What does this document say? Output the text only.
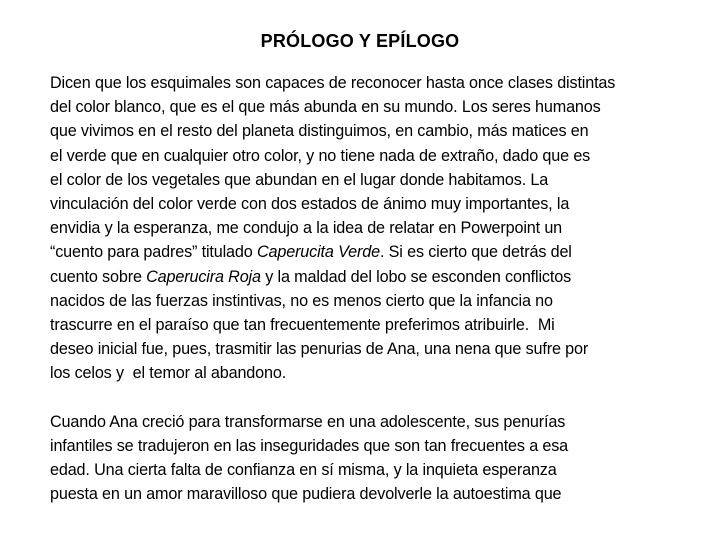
PRÓLOGO Y EPÍLOGO

Dicen que los esquimales son capaces de reconocer hasta once clases distintas
del color blanco, que es el que más abunda en su mundo. Los seres humanos
que vivimos en el resto del planeta distinguimos, en cambio, más matices en
el verde que en cualquier otro color, y no tiene nada de extraño, dado que es
el color de los vegetales que abundan en el lugar donde habitamos. La
vinculación del color verde con dos estados de ánimo muy importantes, la
envidia y la esperanza, me condujo a la idea de relatar en Powerpoint un
“cuento para padres” titulado Caperucita Verde. Si es cierto que detrás del
cuento sobre Caperucira Roja y la maldad del lobo se esconden conflictos
nacidos de las fuerzas instintivas, no es menos cierto que la infancia no
trascurre en el paraíso que tan frecuentemente preferimos atribuirle.  Mi
deseo inicial fue, pues, trasmitir las penurias de Ana, una nena que sufre por
los celos y  el temor al abandono.

Cuando Ana creció para transformarse en una adolescente, sus penurías
infantiles se tradujeron en las inseguridades que son tan frecuentes a esa
edad. Una cierta falta de confianza en sí misma, y la inquieta esperanza
puesta en un amor maravilloso que pudiera devolverle la autoestima que
